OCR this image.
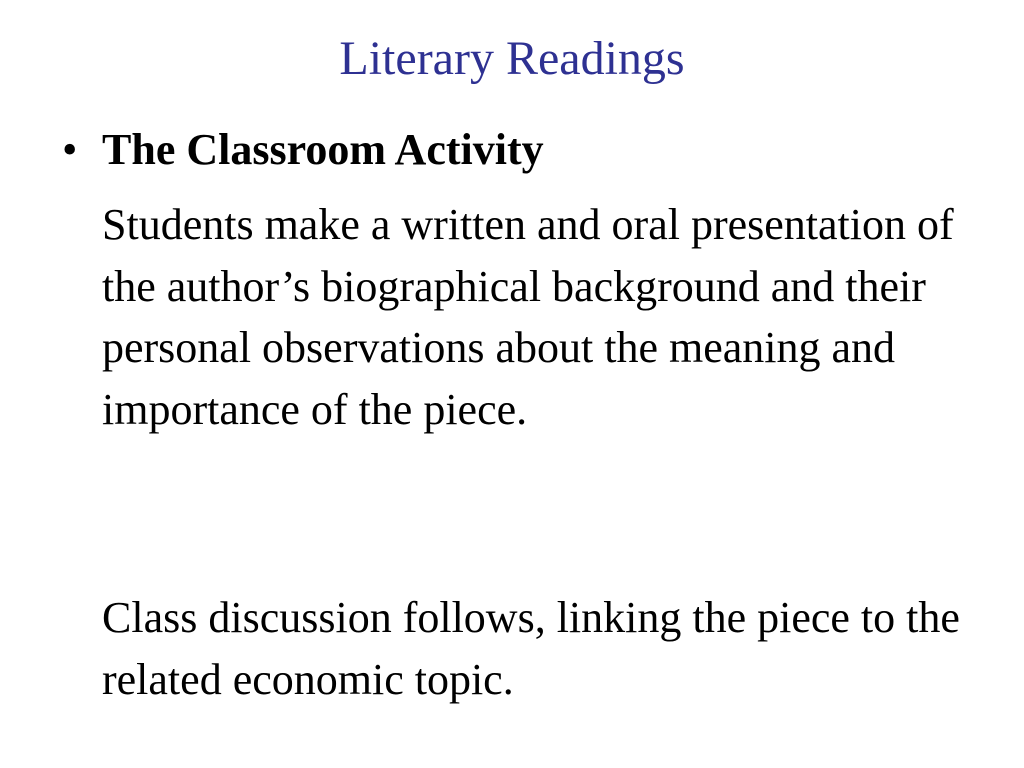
Literary Readings

• The Classroom Activity

Students make a written and oral presentation of the author’s biographical background and their personal observations about the meaning and importance of the piece.

Class discussion follows, linking the piece to the related economic topic.
